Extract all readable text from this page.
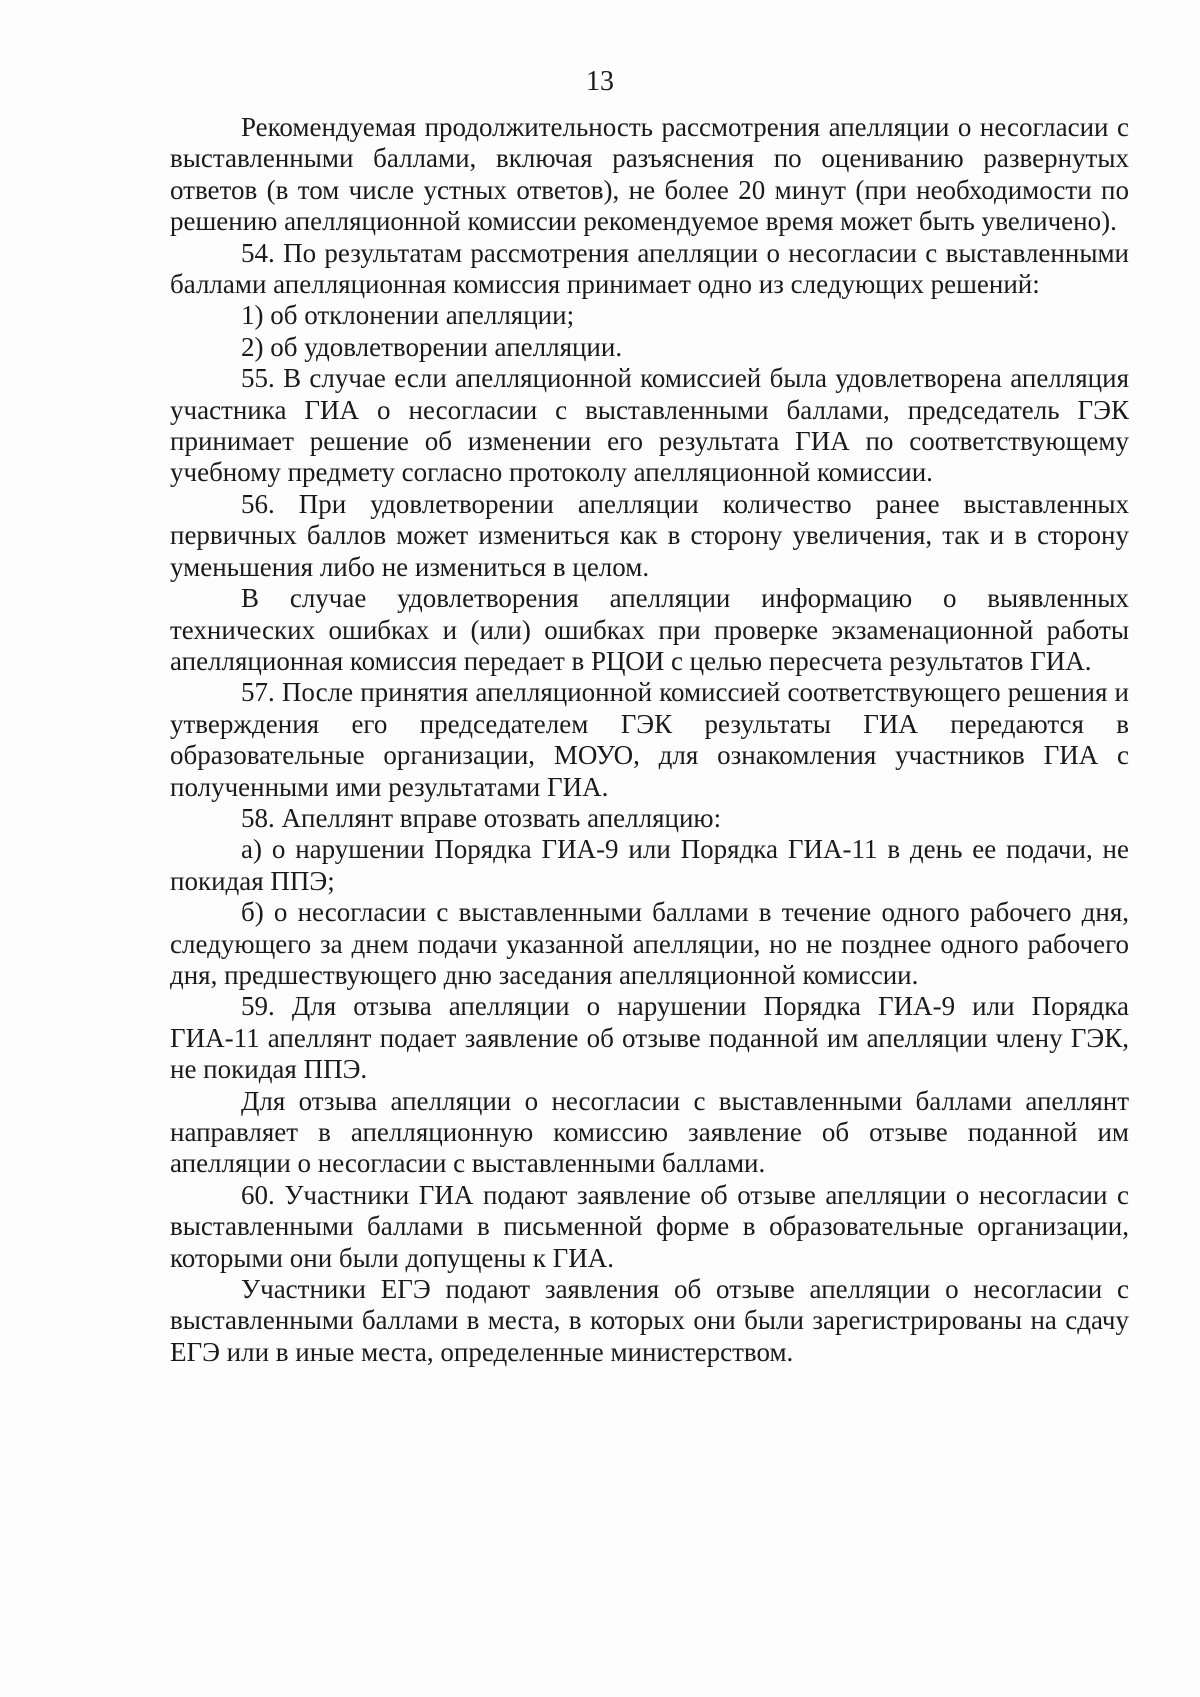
13

Рекомендуемая продолжительность рассмотрения апелляции о несогласии с выставленными баллами, включая разъяснения по оцениванию развернутых ответов (в том числе устных ответов), не более 20 минут (при необходимости по решению апелляционной комиссии рекомендуемое время может быть увеличено).

54. По результатам рассмотрения апелляции о несогласии с выставленными баллами апелляционная комиссия принимает одно из следующих решений:

1) об отклонении апелляции;

2) об удовлетворении апелляции.

55. В случае если апелляционной комиссией была удовлетворена апелляция участника ГИА о несогласии с выставленными баллами, председатель ГЭК принимает решение об изменении его результата ГИА по соответствующему учебному предмету согласно протоколу апелляционной комиссии.

56. При удовлетворении апелляции количество ранее выставленных первичных баллов может измениться как в сторону увеличения, так и в сторону уменьшения либо не измениться в целом.

В случае удовлетворения апелляции информацию о выявленных технических ошибках и (или) ошибках при проверке экзаменационной работы апелляционная комиссия передает в РЦОИ с целью пересчета результатов ГИА.

57. После принятия апелляционной комиссией соответствующего решения и утверждения его председателем ГЭК результаты ГИА передаются в образовательные организации, МОУО, для ознакомления участников ГИА с полученными ими результатами ГИА.

58. Апеллянт вправе отозвать апелляцию:

а) о нарушении Порядка ГИА-9 или Порядка ГИА-11 в день ее подачи, не покидая ППЭ;

б) о несогласии с выставленными баллами в течение одного рабочего дня, следующего за днем подачи указанной апелляции, но не позднее одного рабочего дня, предшествующего дню заседания апелляционной комиссии.

59. Для отзыва апелляции о нарушении Порядка ГИА-9 или Порядка ГИА-11 апеллянт подает заявление об отзыве поданной им апелляции члену ГЭК, не покидая ППЭ.

Для отзыва апелляции о несогласии с выставленными баллами апеллянт направляет в апелляционную комиссию заявление об отзыве поданной им апелляции о несогласии с выставленными баллами.

60. Участники ГИА подают заявление об отзыве апелляции о несогласии с выставленными баллами в письменной форме в образовательные организации, которыми они были допущены к ГИА.

Участники ЕГЭ подают заявления об отзыве апелляции о несогласии с выставленными баллами в места, в которых они были зарегистрированы на сдачу ЕГЭ или в иные места, определенные министерством.
